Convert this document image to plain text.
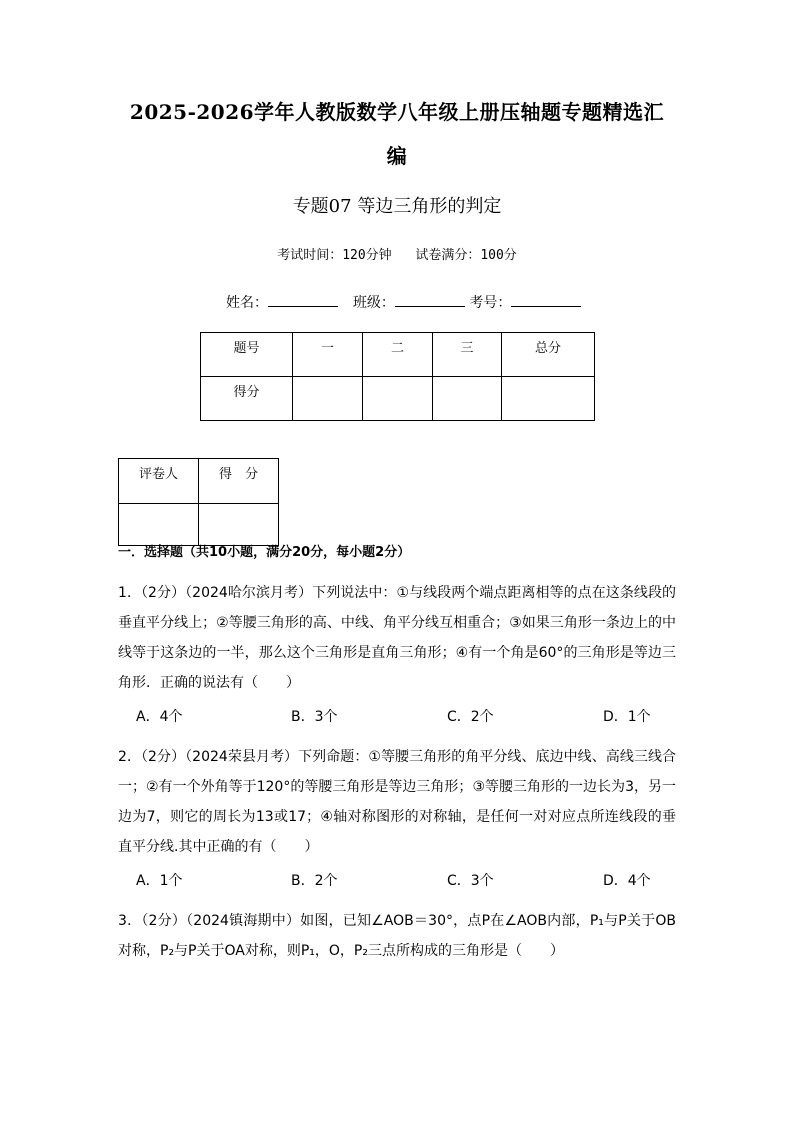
2025-2026学年人教版数学八年级上册压轴题专题精选汇
编
专题07 等边三角形的判定
考试时间：120分钟 试卷满分：100分
姓名：	班级：	考号：
题号	一	二	三	总分

得分				

评卷人	得　分

一．选择题（共10小题，满分20分，每小题2分）
1．（2分）（2024哈尔滨月考）下列说法中：①与线段两个端点距离相等的点在这条线段的垂直平分线上；②等腰三角形的高、中线、角平分线互相重合；③如果三角形一条边上的中线等于这条边的一半，那么这个三角形是直角三角形；④有一个角是60°的三角形是等边三角形．正确的说法有（　　）
A．4个	B．3个	C．2个	D．1个
2．（2分）（2024荣县月考）下列命题：①等腰三角形的角平分线、底边中线、高线三线合一；②有一个外角等于120°的等腰三角形是等边三角形；③等腰三角形的一边长为3，另一边为7，则它的周长为13或17；④轴对称图形的对称轴，是任何一对对应点所连线段的垂直平分线.其中正确的有（　　）
A．1个	B．2个	C．3个	D．4个
3．（2分）（2024镇海期中）如图，已知∠AOB＝30°，点P在∠AOB内部，P₁与P关于OB对称，P₂与P关于OA对称，则P₁，O，P₂三点所构成的三角形是（　　）
